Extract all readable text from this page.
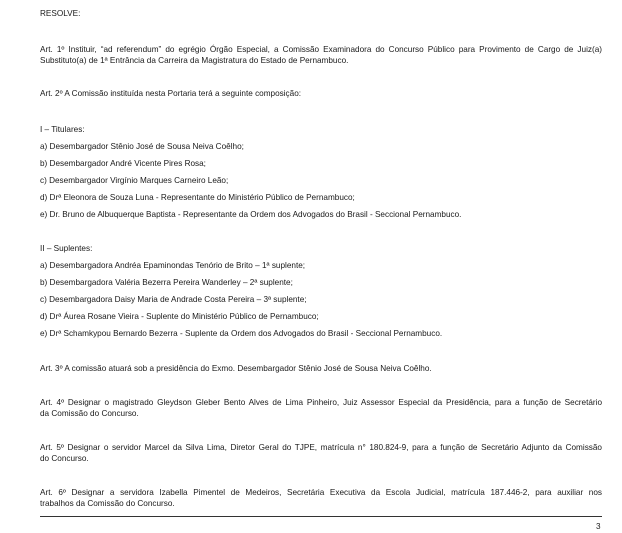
RESOLVE:
Art. 1º Instituir, “ad referendum” do egrégio Órgão Especial, a Comissão Examinadora do Concurso Público para Provimento de Cargo de Juiz(a)
Substituto(a) de 1ª Entrância da Carreira da Magistratura do Estado de Pernambuco.
Art. 2º A Comissão instituída nesta Portaria terá a seguinte composição:
I – Titulares:
a) Desembargador Stênio José de Sousa Neiva Coêlho;
b) Desembargador André Vicente Pires Rosa;
c) Desembargador Virgínio Marques Carneiro Leão;
d) Drª Eleonora de Souza Luna - Representante do Ministério Público de Pernambuco;
e) Dr. Bruno de Albuquerque Baptista - Representante da Ordem dos Advogados do Brasil - Seccional Pernambuco.
II – Suplentes:
a) Desembargadora Andréa Epaminondas Tenório de Brito – 1ª suplente;
b) Desembargadora Valéria Bezerra Pereira Wanderley – 2ª suplente;
c) Desembargadora Daisy Maria de Andrade Costa Pereira – 3ª suplente;
d) Drª Áurea Rosane Vieira - Suplente do Ministério Público de Pernambuco;
e) Drª Schamkypou Bernardo Bezerra - Suplente da Ordem dos Advogados do Brasil - Seccional Pernambuco.
Art. 3º A comissão atuará sob a presidência do Exmo. Desembargador Stênio José de Sousa Neiva Coêlho.
Art. 4º Designar o magistrado Gleydson Gleber Bento Alves de Lima Pinheiro, Juiz Assessor Especial da Presidência, para a função de Secretário
da Comissão do Concurso.
Art. 5º Designar o servidor Marcel da Silva Lima, Diretor Geral do TJPE, matrícula n° 180.824-9, para a função de Secretário Adjunto da Comissão
do Concurso.
Art. 6º Designar a servidora Izabella Pimentel de Medeiros, Secretária Executiva da Escola Judicial, matrícula 187.446-2, para auxiliar nos
trabalhos da Comissão do Concurso.
3
